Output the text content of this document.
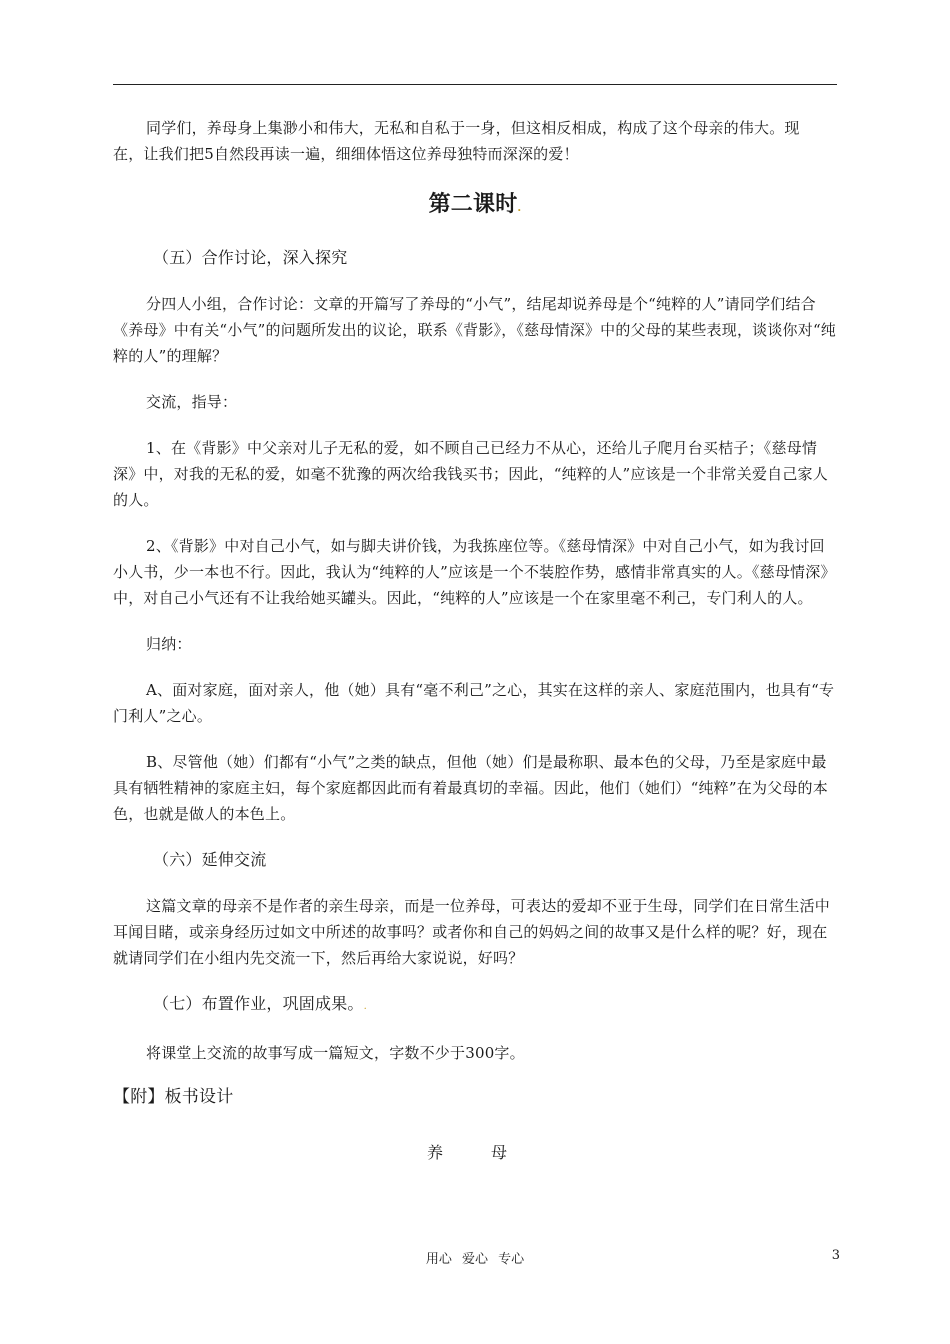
同学们，养母身上集渺小和伟大，无私和自私于一身，但这相反相成，构成了这个母亲的伟大。现

在，让我们把5自然段再读一遍，细细体悟这位养母独特而深深的爱！

第二课时.

（五）合作讨论，深入探究

分四人小组，合作讨论：文章的开篇写了养母的“小气”，结尾却说养母是个“纯粹的人”请同学们结合《养母》中有关“小气”的问题所发出的议论，联系《背影》，《慈母情深》中的父母的某些表现，谈谈你对“纯粹的人”的理解？

交流，指导：

1、在《背影》中父亲对儿子无私的爱，如不顾自己已经力不从心，还给儿子爬月台买桔子；《慈母情深》中，对我的无私的爱，如毫不犹豫的两次给我钱买书；因此，“纯粹的人”应该是一个非常关爱自己家人的人。

2、《背影》中对自己小气，如与脚夫讲价钱，为我拣座位等。《慈母情深》中对自己小气，如为我讨回小人书，少一本也不行。因此，我认为“纯粹的人”应该是一个不装腔作势，感情非常真实的人。《慈母情深》中，对自己小气还有不让我给她买罐头。因此，“纯粹的人”应该是一个在家里毫不利己，专门利人的人。

归纳：

A、面对家庭，面对亲人，他（她）具有“毫不利己”之心，其实在这样的亲人、家庭范围内，也具有“专门利人”之心。

B、尽管他（她）们都有“小气”之类的缺点，但他（她）们是最称职、最本色的父母，乃至是家庭中最具有牺牲精神的家庭主妇，每个家庭都因此而有着最真切的幸福。因此，他们（她们）“纯粹”在为父母的本色，也就是做人的本色上。

（六）延伸交流

这篇文章的母亲不是作者的亲生母亲，而是一位养母，可表达的爱却不亚于生母，同学们在日常生活中耳闻目睹，或亲身经历过如文中所述的故事吗？或者你和自己的妈妈之间的故事又是什么样的呢？好，现在就请同学们在小组内先交流一下，然后再给大家说说，好吗？

（七）布置作业，巩固成果。.

将课堂上交流的故事写成一篇短文，字数不少于300字。

【附】板书设计

养　母

用心 爱心 专心	3
